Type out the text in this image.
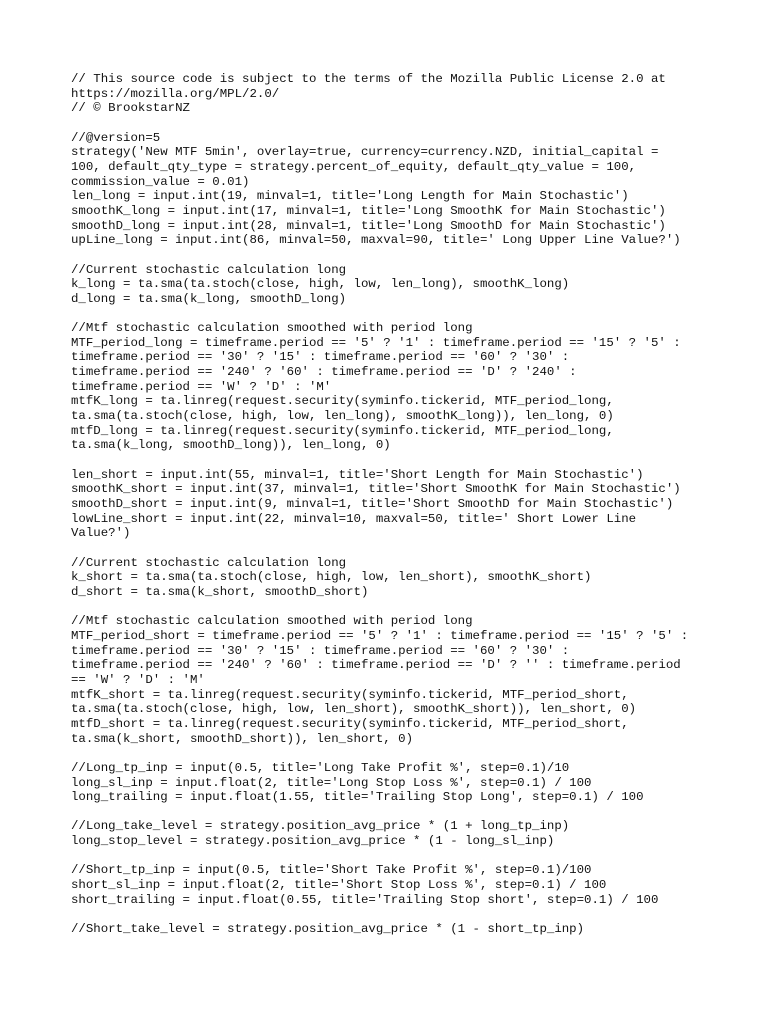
// This source code is subject to the terms of the Mozilla Public License 2.0 at
https://mozilla.org/MPL/2.0/
// © BrookstarNZ
//@version=5
strategy('New MTF 5min', overlay=true, currency=currency.NZD, initial_capital =
100, default_qty_type = strategy.percent_of_equity, default_qty_value = 100,
commission_value = 0.01)
len_long = input.int(19, minval=1, title='Long Length for Main Stochastic')
smoothK_long = input.int(17, minval=1, title='Long SmoothK for Main Stochastic')
smoothD_long = input.int(28, minval=1, title='Long SmoothD for Main Stochastic')
upLine_long = input.int(86, minval=50, maxval=90, title=' Long Upper Line Value?')
//Current stochastic calculation long
k_long = ta.sma(ta.stoch(close, high, low, len_long), smoothK_long)
d_long = ta.sma(k_long, smoothD_long)
//Mtf stochastic calculation smoothed with period long
MTF_period_long = timeframe.period == '5' ? '1' : timeframe.period == '15' ? '5' :
timeframe.period == '30' ? '15' : timeframe.period == '60' ? '30' :
timeframe.period == '240' ? '60' : timeframe.period == 'D' ? '240' :
timeframe.period == 'W' ? 'D' : 'M'
mtfK_long = ta.linreg(request.security(syminfo.tickerid, MTF_period_long,
ta.sma(ta.stoch(close, high, low, len_long), smoothK_long)), len_long, 0)
mtfD_long = ta.linreg(request.security(syminfo.tickerid, MTF_period_long,
ta.sma(k_long, smoothD_long)), len_long, 0)
len_short = input.int(55, minval=1, title='Short Length for Main Stochastic')
smoothK_short = input.int(37, minval=1, title='Short SmoothK for Main Stochastic')
smoothD_short = input.int(9, minval=1, title='Short SmoothD for Main Stochastic')
lowLine_short = input.int(22, minval=10, maxval=50, title=' Short Lower Line
Value?')
//Current stochastic calculation long
k_short = ta.sma(ta.stoch(close, high, low, len_short), smoothK_short)
d_short = ta.sma(k_short, smoothD_short)
//Mtf stochastic calculation smoothed with period long
MTF_period_short = timeframe.period == '5' ? '1' : timeframe.period == '15' ? '5' :
timeframe.period == '30' ? '15' : timeframe.period == '60' ? '30' :
timeframe.period == '240' ? '60' : timeframe.period == 'D' ? '' : timeframe.period
== 'W' ? 'D' : 'M'
mtfK_short = ta.linreg(request.security(syminfo.tickerid, MTF_period_short,
ta.sma(ta.stoch(close, high, low, len_short), smoothK_short)), len_short, 0)
mtfD_short = ta.linreg(request.security(syminfo.tickerid, MTF_period_short,
ta.sma(k_short, smoothD_short)), len_short, 0)
//Long_tp_inp = input(0.5, title='Long Take Profit %', step=0.1)/10
long_sl_inp = input.float(2, title='Long Stop Loss %', step=0.1) / 100
long_trailing = input.float(1.55, title='Trailing Stop Long', step=0.1) / 100
//Long_take_level = strategy.position_avg_price * (1 + long_tp_inp)
long_stop_level = strategy.position_avg_price * (1 - long_sl_inp)
//Short_tp_inp = input(0.5, title='Short Take Profit %', step=0.1)/100
short_sl_inp = input.float(2, title='Short Stop Loss %', step=0.1) / 100
short_trailing = input.float(0.55, title='Trailing Stop short', step=0.1) / 100
//Short_take_level = strategy.position_avg_price * (1 - short_tp_inp)
